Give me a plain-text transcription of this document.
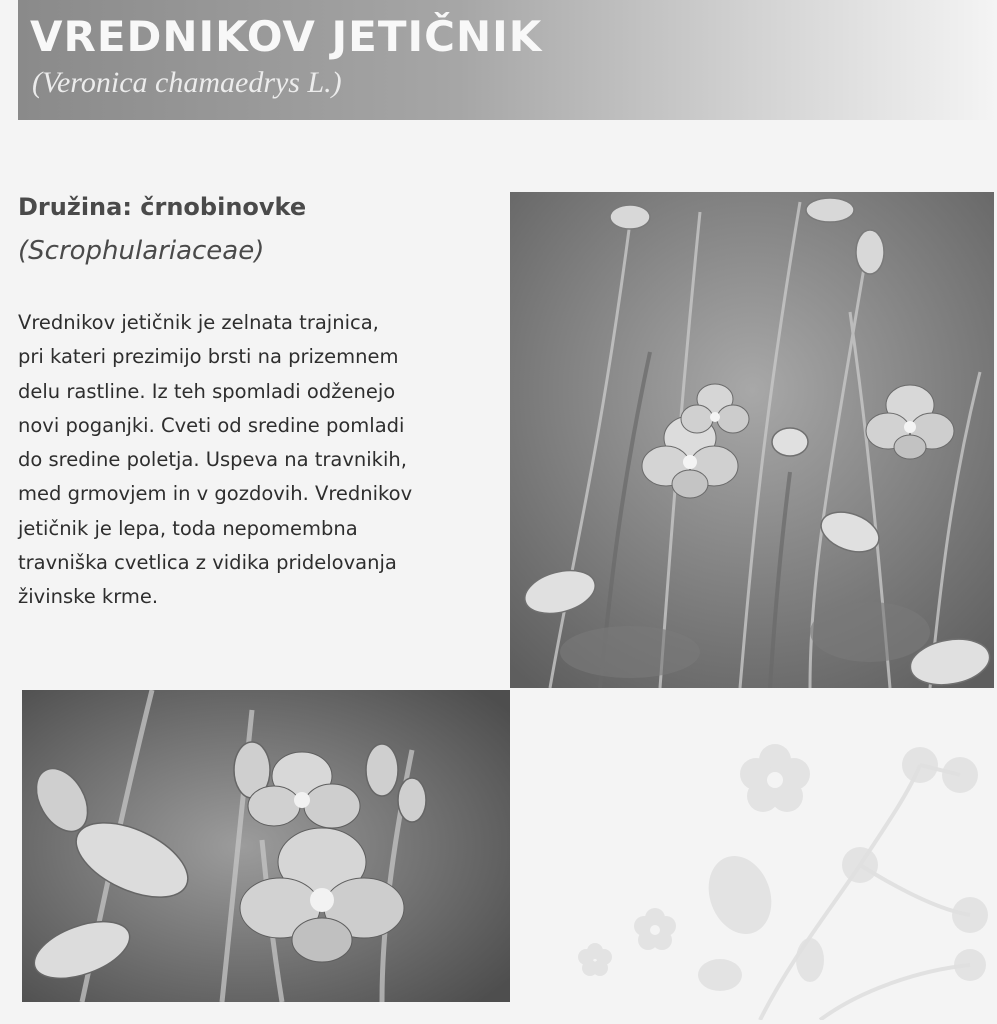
VREDNIKOV JETIČNIK
(Veronica chamaedrys L.)
Družina: črnobinovke
(Scrophulariaceae)

Vrednikov jetičnik je zelnata trajnica,
pri kateri prezimijo brsti na prizemnem
delu rastline. Iz teh spomladi odženejo
novi poganjki. Cveti od sredine pomladi
do sredine poletja. Uspeva na travnikih,
med grmovjem in v gozdovih. Vrednikov
jetičnik je lepa, toda nepomembna
travniška cvetlica z vidika pridelovanja
živinske krme.
